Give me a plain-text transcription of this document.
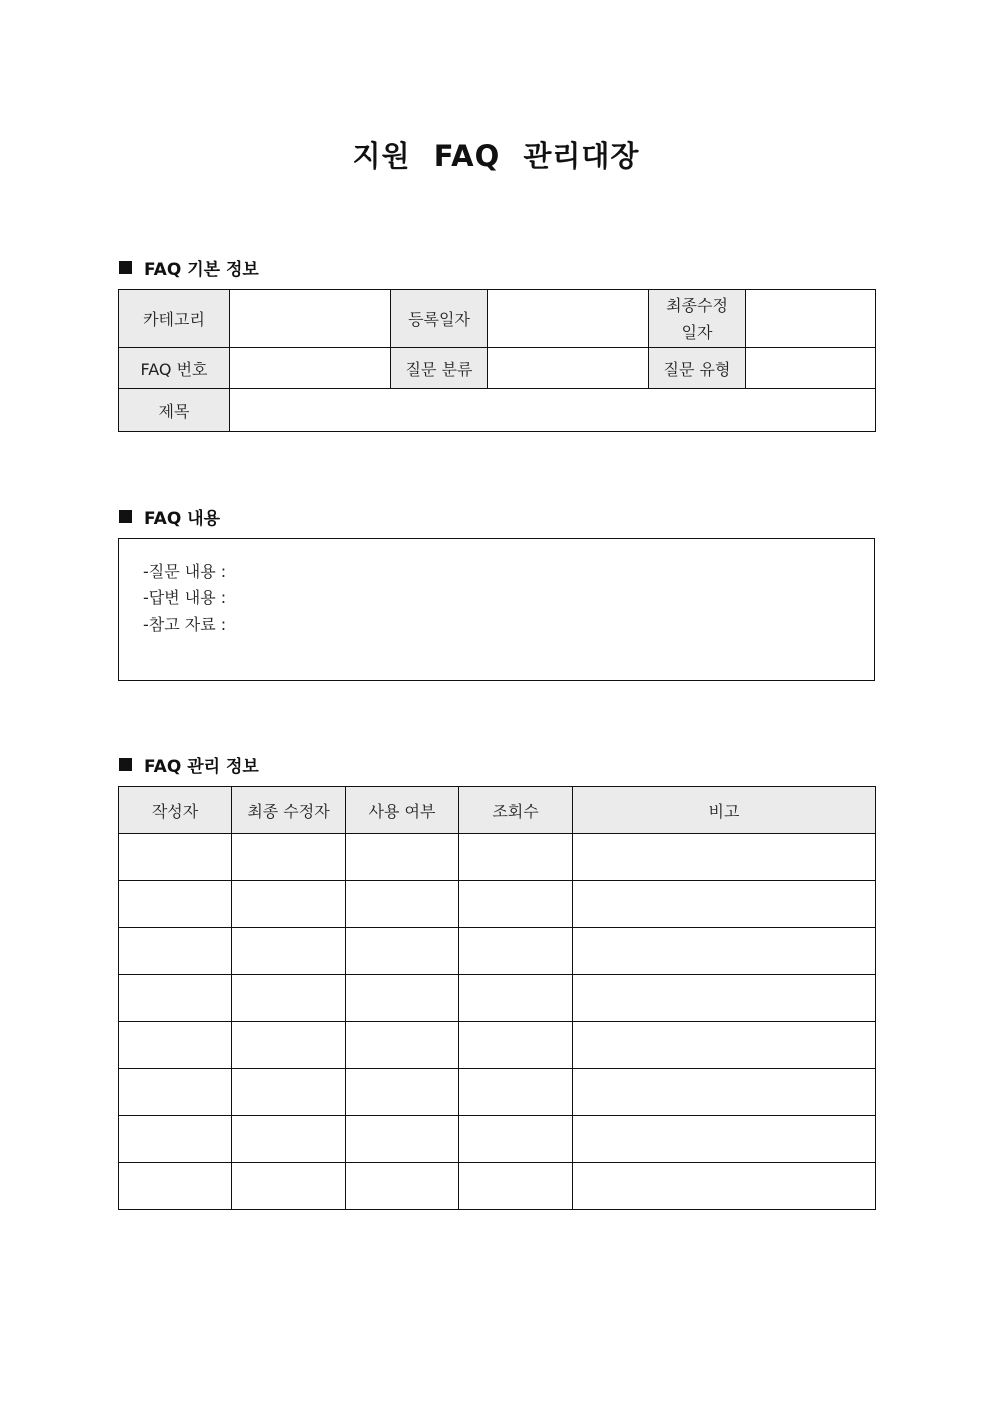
지원 FAQ 관리대장
FAQ 기본 정보
카테고리		등록일자		최종수정
일자	
FAQ 번호		질문 분류		질문 유형	
제목					
FAQ 내용
-질문 내용 :
-답변 내용 :
-참고 자료 :
FAQ 관리 정보
작성자	최종 수정자	사용 여부	조회수	비고
